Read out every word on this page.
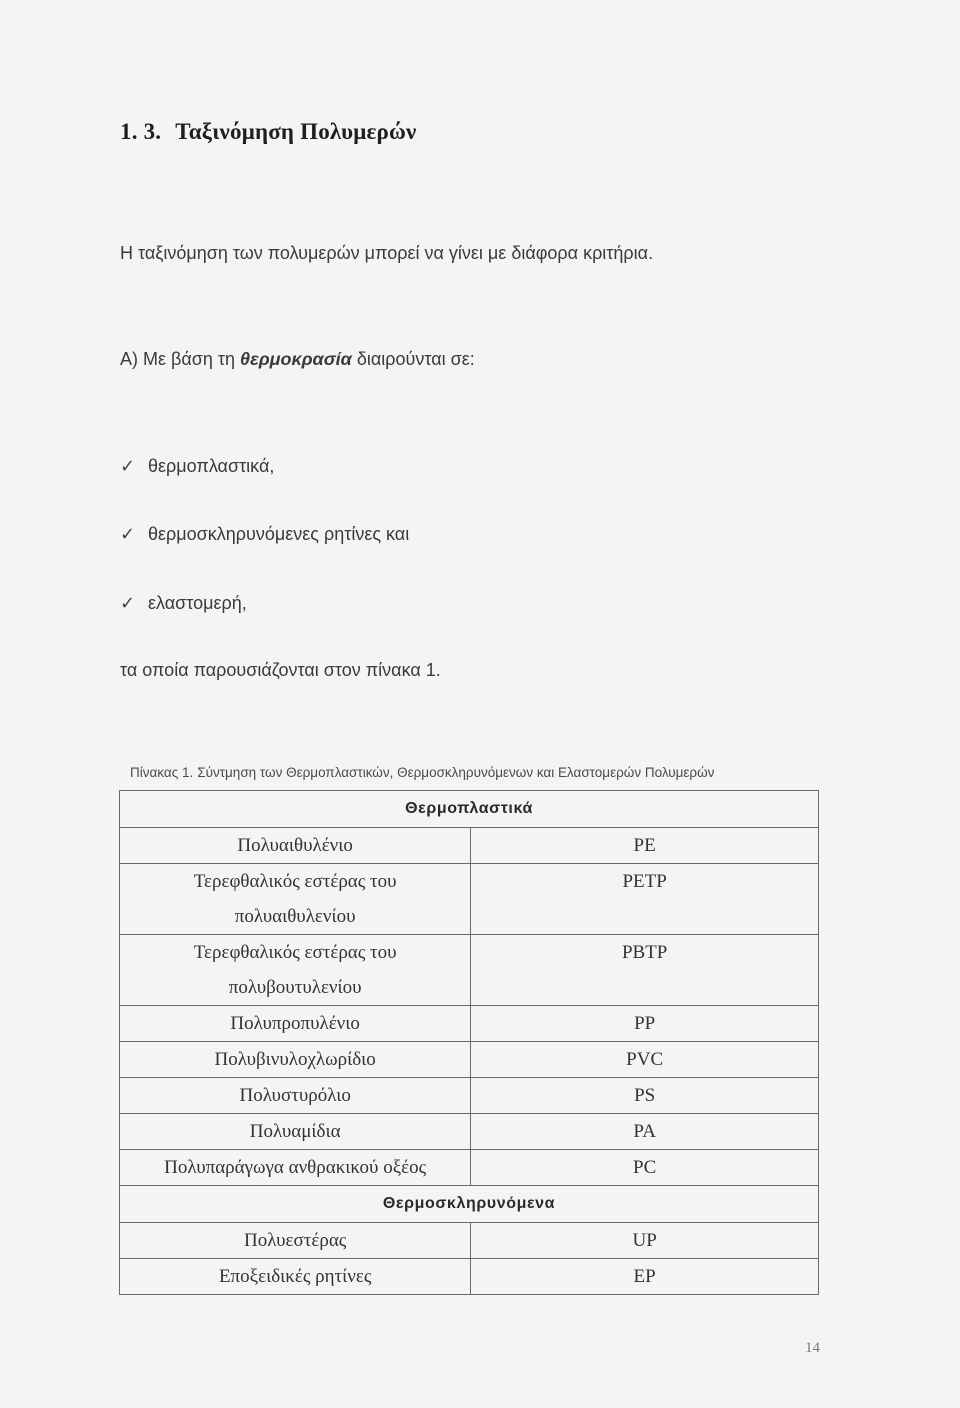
1. 3. Ταξινόμηση Πολυμερών
Η ταξινόμηση των πολυμερών μπορεί να γίνει με διάφορα κριτήρια.
Α) Με βάση τη θερμοκρασία διαιρούνται σε:
✓ θερμοπλαστικά,
✓ θερμοσκληρυνόμενες ρητίνες και
✓ ελαστομερή,
τα οποία παρουσιάζονται στον πίνακα 1.
Πίνακας 1. Σύντμηση των Θερμοπλαστικών, Θερμοσκληρυνόμενων και Ελαστομερών Πολυμερών
Θερμοπλαστικά	

Πολυαιθυλένιο	PE

Τερεφθαλικός εστέρας του
πολυαιθυλενίου	PETP

Τερεφθαλικός εστέρας του
πολυβουτυλενίου	PBTP

Πολυπροπυλένιο	PP

Πολυβινυλοχλωρίδιο	PVC

Πολυστυρόλιο	PS

Πολυαμίδια	PA

Πολυπαράγωγα ανθρακικού οξέος	PC
Θερμοσκληρυνόμενα	

Πολυεστέρας	UP

Εποξειδικές ρητίνες	EP
14
